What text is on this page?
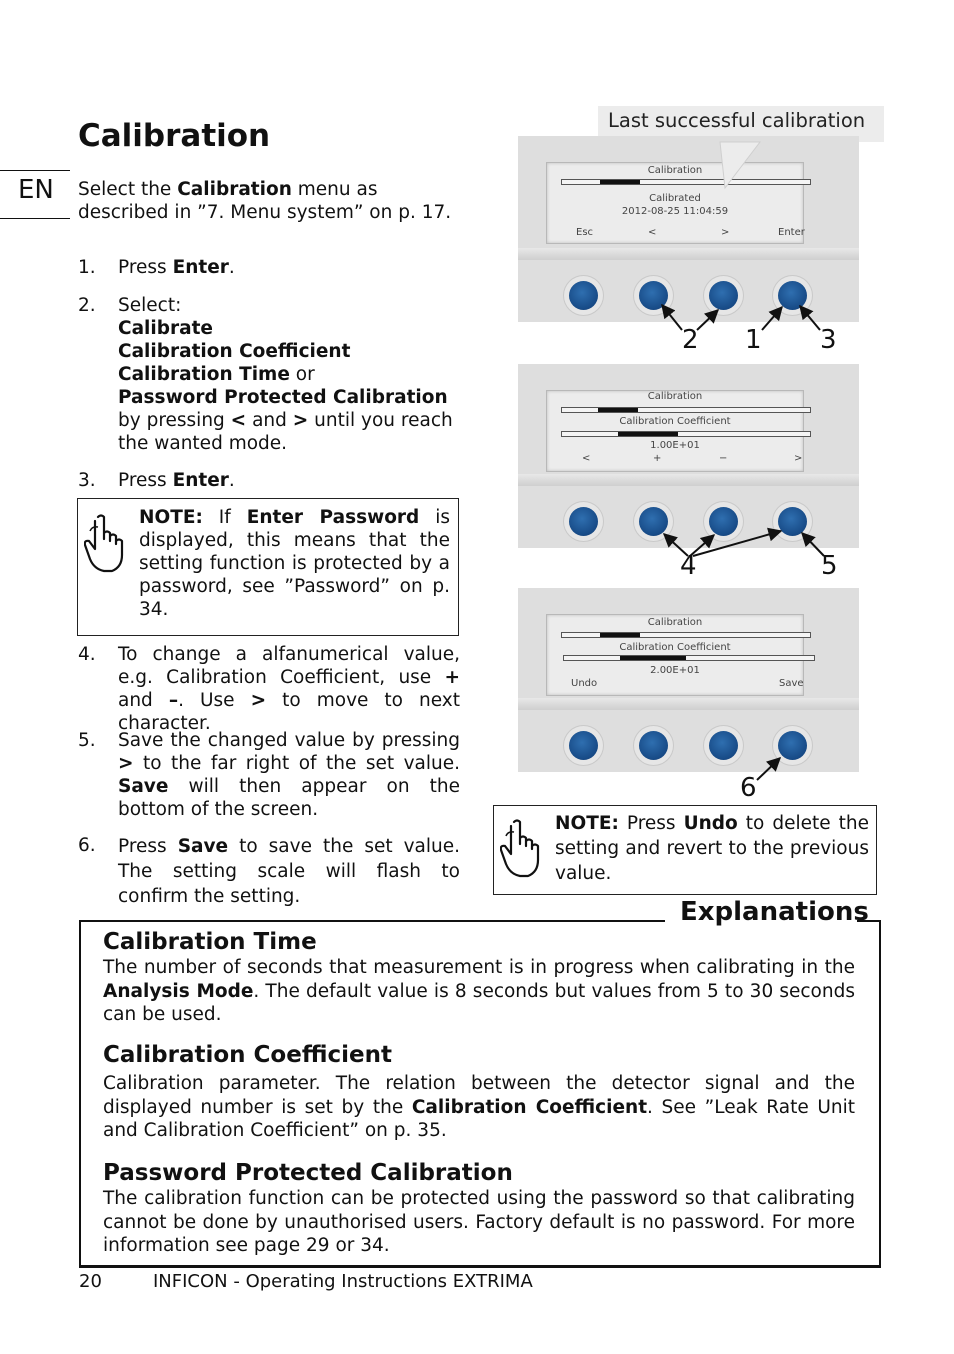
Calibration
EN Select the Calibration menu as described in ”7. Menu system” on p. 17.
1. Press Enter.
2. Select:
Calibrate
Calibration Coefficient
Calibration Time or
Password Protected Calibration
by pressing < and > until you reach the wanted mode.
3. Press Enter.
NOTE: If Enter Password is displayed, this means that the setting function is protected by a password, see ”Password” on p. 34.
4. To change a alfanumerical value, e.g. Calibration Coefficient, use + and –. Use > to move to next character.
5. Save the changed value by pressing > to the far right of the set value. Save will then appear on the bottom of the screen.
6. Press Save to save the set value. The setting scale will flash to confirm the setting.
Last successful calibration
Calibration
Calibrated
2012-08-25 11:04:59
Esc	<	>	Enter
Calibration
Calibration Coefficient
1.00E+01
<	+	−	>
Calibration
Calibration Coefficient
2.00E+01
Undo	Save
2 1 3
4	5
6
NOTE: Press Undo to delete the setting and revert to the previous value.
Explanations
Calibration Time
The number of seconds that measurement is in progress when calibrating in the Analysis Mode. The default value is 8 seconds but values from 5 to 30 seconds can be used.
Calibration Coefficient
Calibration parameter. The relation between the detector signal and the displayed number is set by the Calibration Coefficient. See ”Leak Rate Unit and Calibration Coefficient” on p. 35.
Password Protected Calibration
The calibration function can be protected using the password so that calibrating cannot be done by unauthorised users. Factory default is no password. For more information see page 29 or 34.
20	INFICON - Operating Instructions EXTRIMA
